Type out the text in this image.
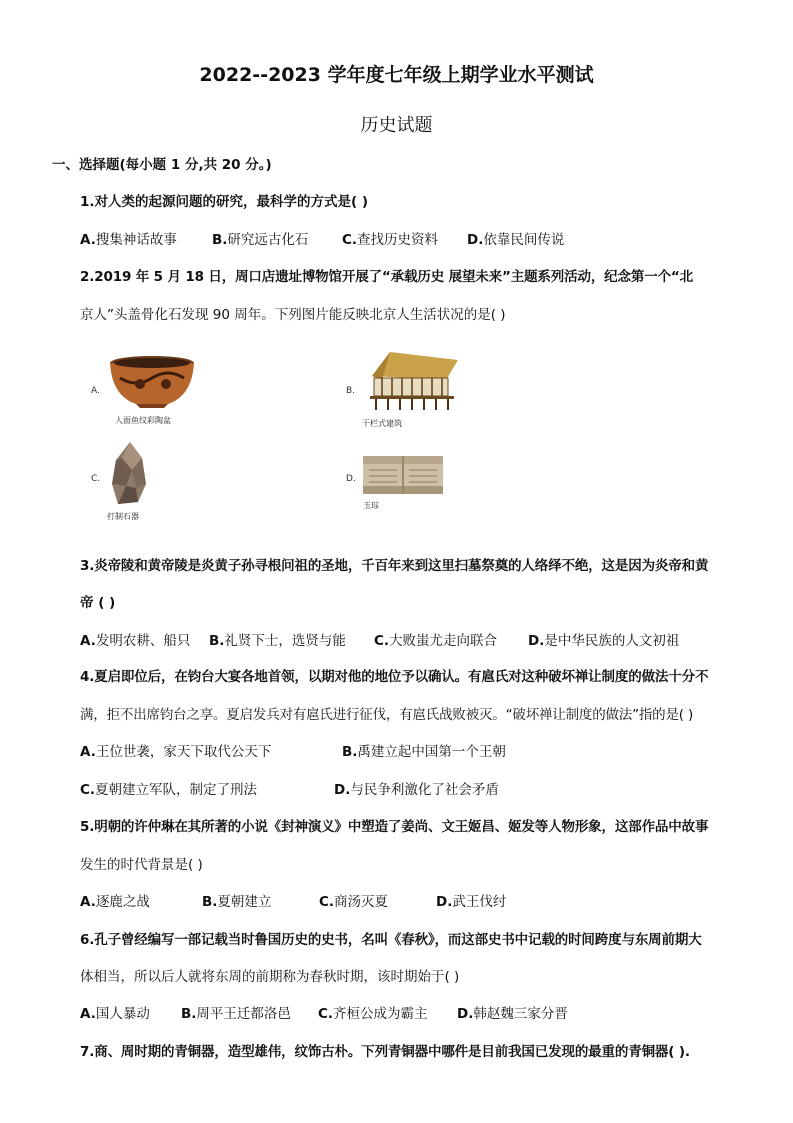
2022--2023 学年度七年级上期学业水平测试
历史试题
一、选择题(每小题 1 分,共 20 分。)
1.对人类的起源问题的研究，最科学的方式是( )
A.搜集神话故事	B.研究远古化石 C.查找历史资料 D.依靠民间传说
2.2019 年 5 月 18 日，周口店遗址博物馆开展了“承载历史 展望未来”主题系列活动，纪念第一个“北
京人”头盖骨化石发现 90 周年。下列图片能反映北京人生活状况的是( )
A.
人面鱼纹彩陶盆
B.
干栏式建筑
C.
打制石器
D.
玉琮
3.炎帝陵和黄帝陵是炎黄子孙寻根问祖的圣地，千百年来到这里扫墓祭奠的人络绎不绝，这是因为炎帝和黄
帝 ( )
A.发明农耕、船只 B.礼贤下士，选贤与能 C.大败蚩尤走向联合 D.是中华民族的人文初祖
4.夏启即位后，在钧台大宴各地首领，以期对他的地位予以确认。有扈氏对这种破坏禅让制度的做法十分不
满，拒不出席钧台之享。夏启发兵对有扈氏进行征伐，有扈氏战败被灭。“破坏禅让制度的做法”指的是( )
A.王位世袭，家天下取代公天下	B.禹建立起中国第一个王朝
C.夏朝建立军队，制定了刑法	D.与民争利激化了社会矛盾
5.明朝的许仲琳在其所著的小说《封神演义》中塑造了姜尚、文王姬昌、姬发等人物形象，这部作品中故事
发生的时代背景是( )
A.逐鹿之战	B.夏朝建立	C.商汤灭夏	D.武王伐纣
6.孔子曾经编写一部记载当时鲁国历史的史书，名叫《春秋》，而这部史书中记载的时间跨度与东周前期大
体相当，所以后人就将东周的前期称为春秋时期，该时期始于( )
A.国人暴动 B.周平王迁都洛邑 C.齐桓公成为霸主 D.韩赵魏三家分晋
7.商、周时期的青铜器，造型雄伟，纹饰古朴。下列青铜器中哪件是目前我国已发现的最重的青铜器( ).
